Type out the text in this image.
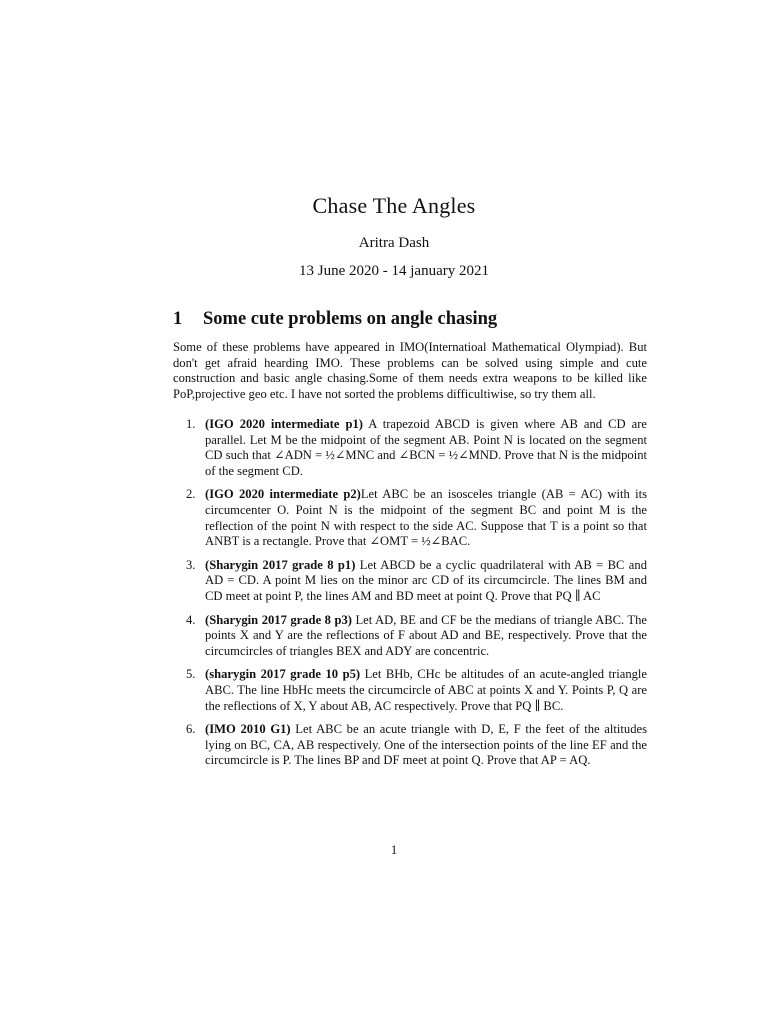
Chase The Angles
Aritra Dash
13 June 2020 - 14 january 2021
1 Some cute problems on angle chasing
Some of these problems have appeared in IMO(Internatioal Mathematical Olympiad). But don't get afraid hearding IMO. These problems can be solved using simple and cute construction and basic angle chasing.Some of them needs extra weapons to be killed like PoP,projective geo etc. I have not sorted the problems difficultiwise, so try them all.
1. (IGO 2020 intermediate p1) A trapezoid ABCD is given where AB and CD are parallel. Let M be the midpoint of the segment AB. Point N is located on the segment CD such that ∠ADN = ½∠MNC and ∠BCN = ½∠MND. Prove that N is the midpoint of the segment CD.
2. (IGO 2020 intermediate p2)Let ABC be an isosceles triangle (AB = AC) with its circumcenter O. Point N is the midpoint of the segment BC and point M is the reflection of the point N with respect to the side AC. Suppose that T is a point so that ANBT is a rectangle. Prove that ∠OMT = ½∠BAC.
3. (Sharygin 2017 grade 8 p1) Let ABCD be a cyclic quadrilateral with AB = BC and AD = CD. A point M lies on the minor arc CD of its circumcircle. The lines BM and CD meet at point P, the lines AM and BD meet at point Q. Prove that PQ ∥ AC
4. (Sharygin 2017 grade 8 p3) Let AD, BE and CF be the medians of triangle ABC. The points X and Y are the reflections of F about AD and BE, respectively. Prove that the circumcircles of triangles BEX and ADY are concentric.
5. (sharygin 2017 grade 10 p5) Let BHb, CHc be altitudes of an acute-angled triangle ABC. The line HbHc meets the circumcircle of ABC at points X and Y. Points P, Q are the reflections of X, Y about AB, AC respectively. Prove that PQ ∥ BC.
6. (IMO 2010 G1) Let ABC be an acute triangle with D, E, F the feet of the altitudes lying on BC, CA, AB respectively. One of the intersection points of the line EF and the circumcircle is P. The lines BP and DF meet at point Q. Prove that AP = AQ.
1
